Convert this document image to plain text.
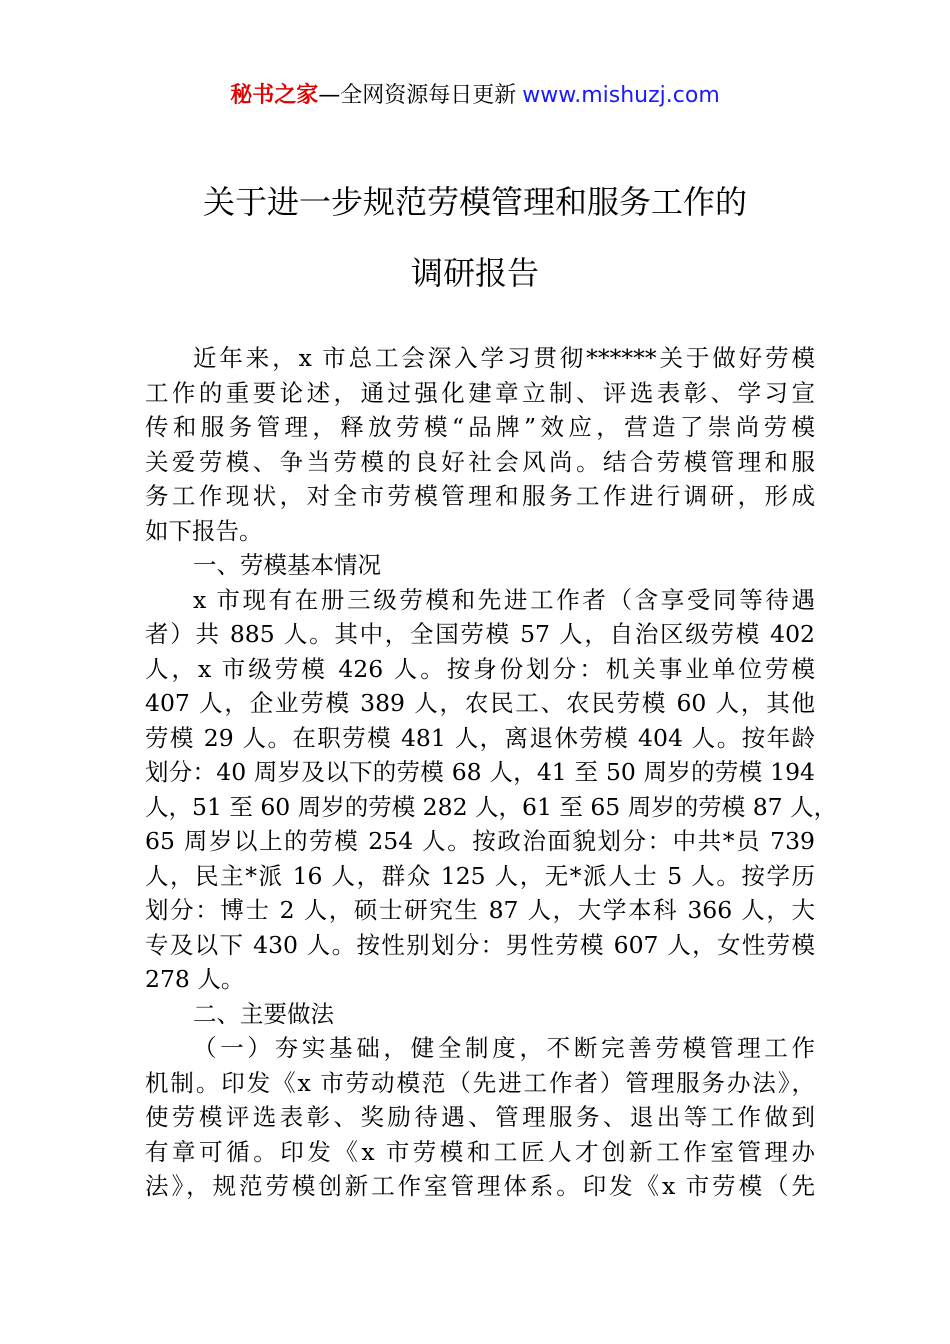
秘书之家—全网资源每日更新 www.mishuzj.com
关于进一步规范劳模管理和服务工作的
调研报告
近年来，x 市总工会深入学习贯彻******关于做好劳模
工作的重要论述，通过强化建章立制、评选表彰、学习宣
传和服务管理，释放劳模“品牌”效应，营造了崇尚劳模
关爱劳模、争当劳模的良好社会风尚。结合劳模管理和服
务工作现状，对全市劳模管理和服务工作进行调研，形成
如下报告。
一、劳模基本情况
x 市现有在册三级劳模和先进工作者（含享受同等待遇
者）共 885 人。其中，全国劳模 57 人，自治区级劳模 402
人，x 市级劳模 426 人。按身份划分：机关事业单位劳模
407 人，企业劳模 389 人，农民工、农民劳模 60 人，其他
劳模 29 人。在职劳模 481 人，离退休劳模 404 人。按年龄
划分：40 周岁及以下的劳模 68 人，41 至 50 周岁的劳模 194
人，51 至 60 周岁的劳模 282 人，61 至 65 周岁的劳模 87 人，
65 周岁以上的劳模 254 人。按政治面貌划分：中共*员 739
人，民主*派 16 人，群众 125 人，无*派人士 5 人。按学历
划分：博士 2 人，硕士研究生 87 人，大学本科 366 人，大
专及以下 430 人。按性别划分：男性劳模 607 人，女性劳模
278 人。
二、主要做法
（一）夯实基础，健全制度，不断完善劳模管理工作
机制。印发《x 市劳动模范（先进工作者）管理服务办法》，
使劳模评选表彰、奖励待遇、管理服务、退出等工作做到
有章可循。印发《x 市劳模和工匠人才创新工作室管理办
法》，规范劳模创新工作室管理体系。印发《x 市劳模（先
